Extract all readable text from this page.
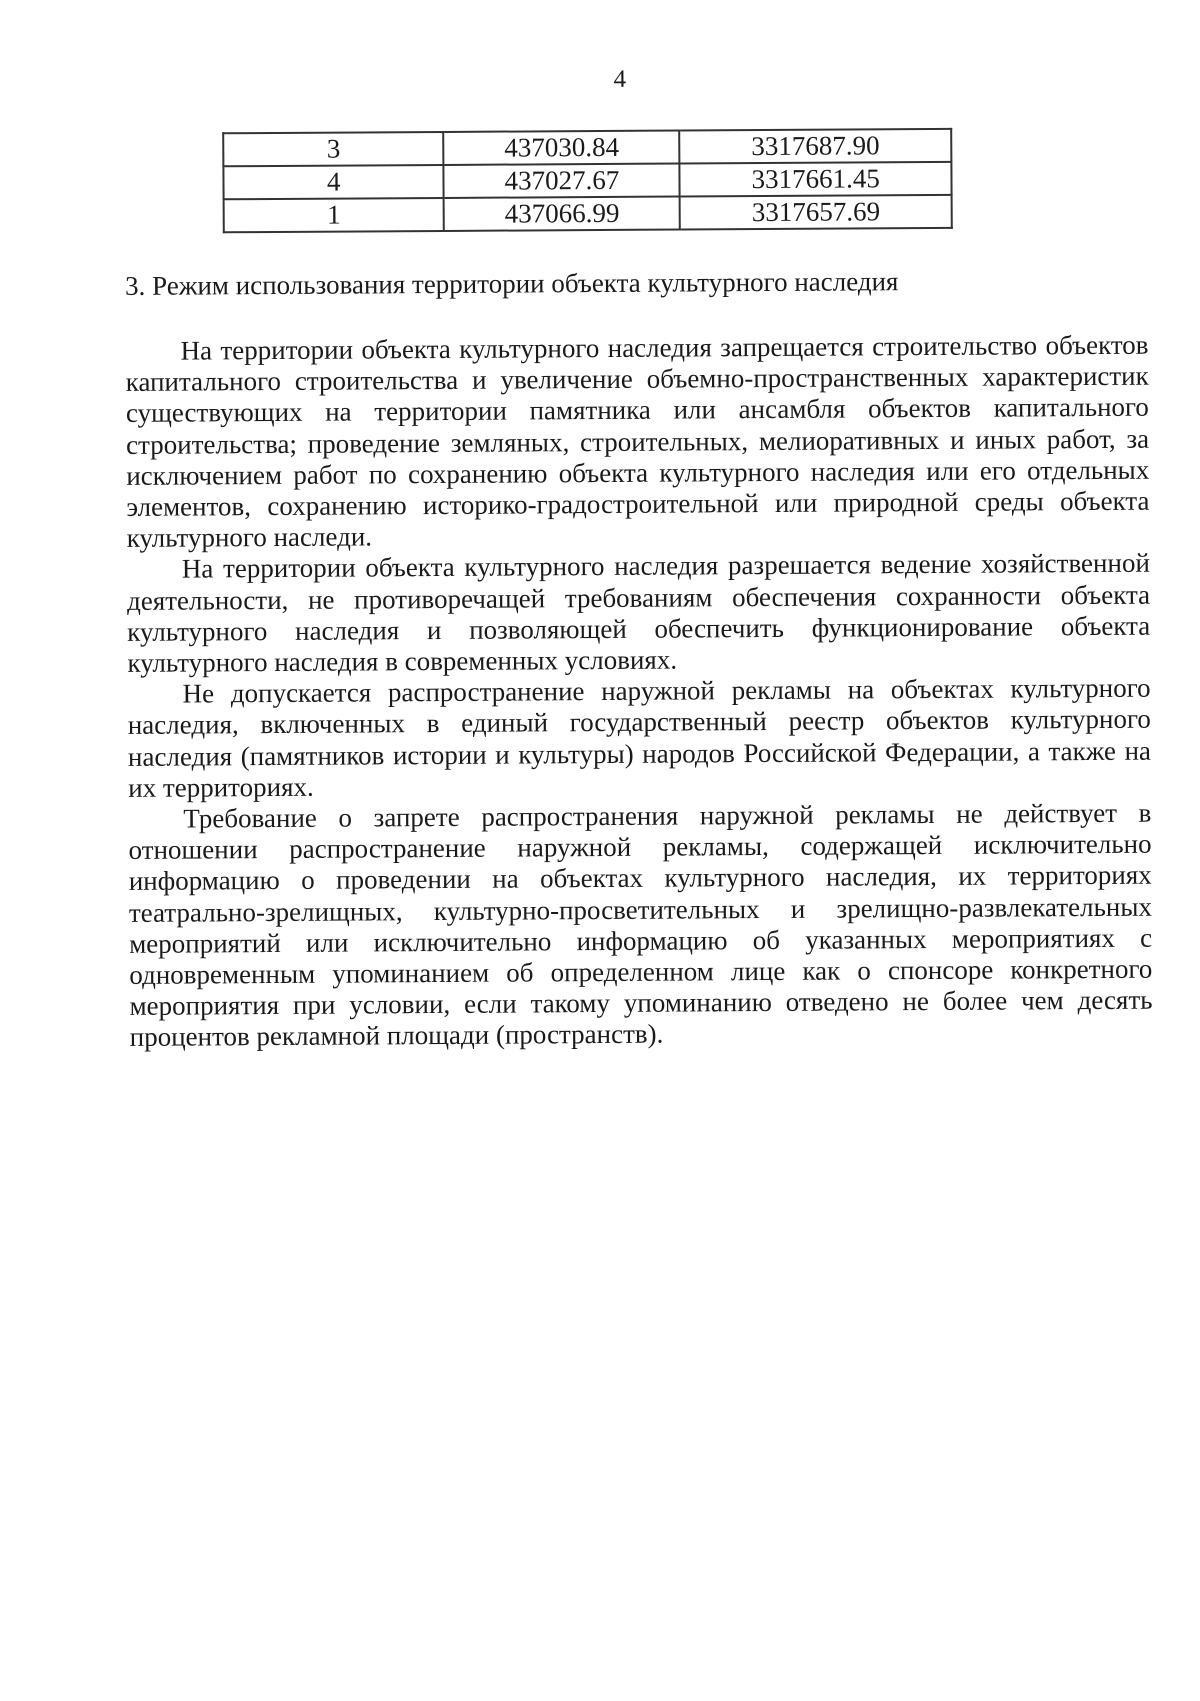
4
3	437030.84	3317687.90
4	437027.67	3317661.45
1	437066.99	3317657.69
3. Режим использования территории объекта культурного наследия

На территории объекта культурного наследия запрещается строительство объектов капитального строительства и увеличение объемно-пространственных характеристик существующих на территории памятника или ансамбля объектов капитального строительства; проведение земляных, строительных, мелиоративных и иных работ, за исключением работ по сохранению объекта культурного наследия или его отдельных элементов, сохранению историко-градостроительной или природной среды объекта культурного наследи.

На территории объекта культурного наследия разрешается ведение хозяйственной деятельности, не противоречащей требованиям обеспечения сохранности объекта культурного наследия и позволяющей обеспечить функционирование объекта культурного наследия в современных условиях.

Не допускается распространение наружной рекламы на объектах культурного наследия, включенных в единый государственный реестр объектов культурного наследия (памятников истории и культуры) народов Российской Федерации, а также на их территориях.

Требование о запрете распространения наружной рекламы не действует в отношении распространение наружной рекламы, содержащей исключительно информацию о проведении на объектах культурного наследия, их территориях театрально-зрелищных, культурно-просветительных и зрелищно-развлекательных мероприятий или исключительно информацию об указанных мероприятиях с одновременным упоминанием об определенном лице как о спонсоре конкретного мероприятия при условии, если такому упоминанию отведено не более чем десять процентов рекламной площади (пространств).
